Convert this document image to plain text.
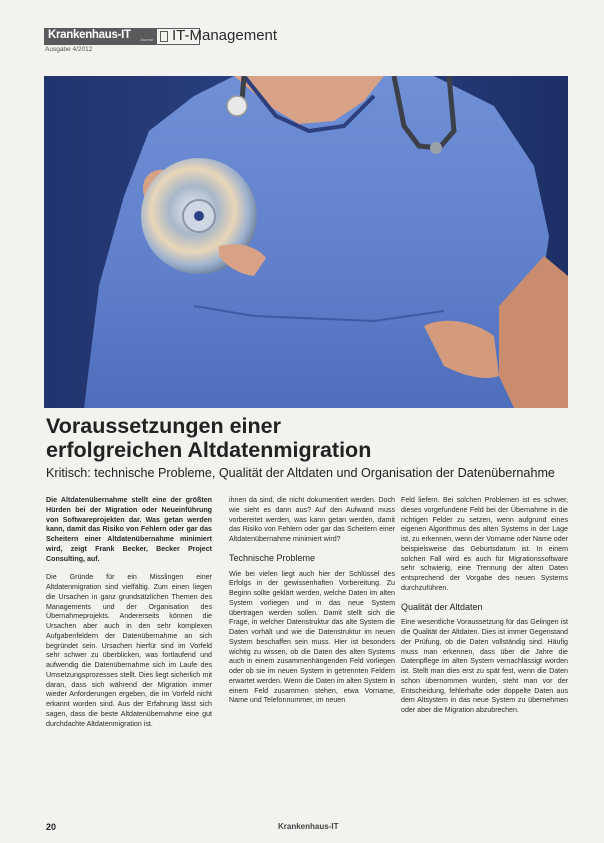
Krankenhaus-IT Journal IT-Management
Ausgabe 4/2012
Voraussetzungen einer
erfolgreichen Altdatenmigration
Kritisch: technische Probleme, Qualität der Altdaten und Organisation der Datenübernahme

Die Altdatenübernahme stellt eine der größten Hürden bei der Migration oder Neueinführung von Softwareprojekten dar. Was getan werden kann, damit das Risiko von Fehlern oder gar das Scheitern einer Altdatenübernahme minimiert wird, zeigt Frank Becker, Becker Project Consulting, auf.

Die Gründe für ein Misslingen einer Altdatenmigration sind vielfältig. Zum einen liegen die Ursachen in ganz grundsätzlichen Themen des Managements und der Organisation des Übernahmeprojekts. Andererseits können die Ursachen aber auch in den sehr komplexen Aufgabenfeldern der Datenübernahme an sich begründet sein. Ursachen hierfür sind im Vorfeld sehr schwer zu überblicken, was fortlaufend und aufwendig die Datenübernahme sich im Laufe des Umsetzungsprozesses stellt. Dies liegt sicherlich mit daran, dass sich während der Migration immer wieder Anforderungen ergeben, die im Vorfeld nicht erkannt worden sind. Aus der Erfahrung lässt sich sagen, dass die beste Altdatenübernahme eine gut durchdachte Altdatenmigration ist.

ihnen da sind, die nicht dokumentiert werden. Doch wie sieht es dann aus? Auf den Aufwand muss vorbereitet werden, was kann getan werden, damit das Risiko von Fehlern oder gar das Scheitern einer Altdatenübernahme minimiert wird?

Technische Probleme

Wie bei vielen liegt auch hier der Schlüssel des Erfolgs in der gewissenhaften Vorbereitung. Zu Beginn sollte geklärt werden, welche Daten im alten System vorliegen und in das neue System übertragen werden sollen. Damit stellt sich die Frage, in welcher Datenstruktur das alte System die Daten vorhält und wie die Datenstruktur im neuen System beschaffen sein muss. Hier ist besonders wichtig zu wissen, ob die Daten des alten Systems auch in einem zusammenhängenden Feld vorliegen oder ob sie im neuen System in getrennten Feldern erwartet werden. Wenn die Daten im alten System in einem Feld zusammen stehen, etwa Vorname, Name und Telefonnummer, im neuen

Feld liefern. Bei solchen Problemen ist es schwer, dieses vorgefundene Feld bei der Übernahme in die richtigen Felder zu setzen, wenn aufgrund eines eigenen Algorithmus des alten Systems in der Lage ist, zu erkennen, wenn der Vorname oder Name oder beispielsweise das Geburtsdatum ist. In einem solchen Fall wird es auch für Migrationssoftware sehr schwierig, eine Trennung der alten Daten entsprechend der Vorgabe des neuen Systems durchzuführen.

Qualität der Altdaten

Eine wesentliche Voraussetzung für das Gelingen ist die Qualität der Altdaten. Dies ist immer Gegenstand der Prüfung, ob die Daten vollständig sind. Häufig muss man erkennen, dass über die Jahre die Datenpflege im alten System vernachlässigt worden ist. Stellt man dies erst zu spät fest, wenn die Daten schon übernommen wurden, steht man vor der Entscheidung, fehlerhafte oder doppelte Daten aus dem Altsystem in das neue System zu übernehmen oder aber die Migration abzubrechen.

20	Krankenhaus-IT
